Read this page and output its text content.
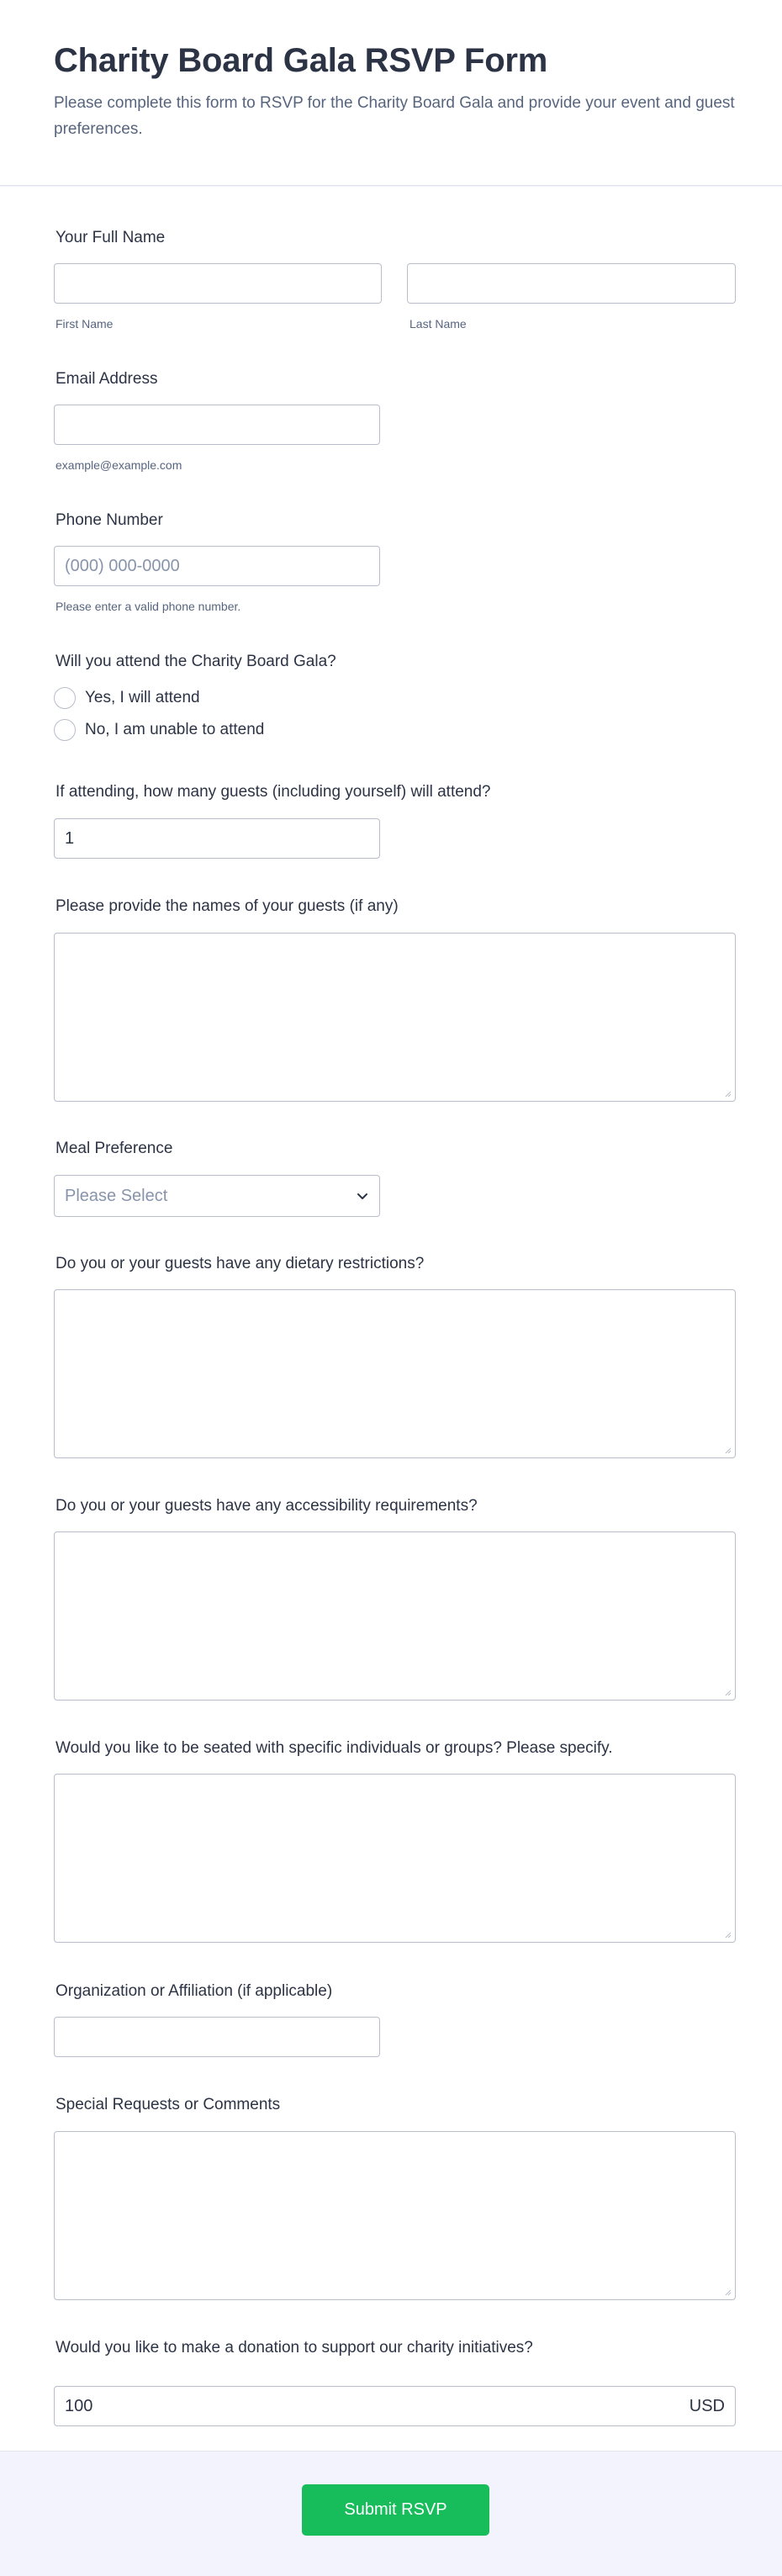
Charity Board Gala RSVP Form

Please complete this form to RSVP for the Charity Board Gala and provide your event and guest preferences.

Your Full Name
First Name	Last Name
Email Address
example@example.com
Phone Number
(000) 000-0000
Please enter a valid phone number.
Will you attend the Charity Board Gala?
Yes, I will attend
No, I am unable to attend
If attending, how many guests (including yourself) will attend?
1
Please provide the names of your guests (if any)
Meal Preference
Please Select
Do you or your guests have any dietary restrictions?
Do you or your guests have any accessibility requirements?
Would you like to be seated with specific individuals or groups? Please specify.
Organization or Affiliation (if applicable)
Special Requests or Comments
Would you like to make a donation to support our charity initiatives?
100	USD
Submit RSVP
